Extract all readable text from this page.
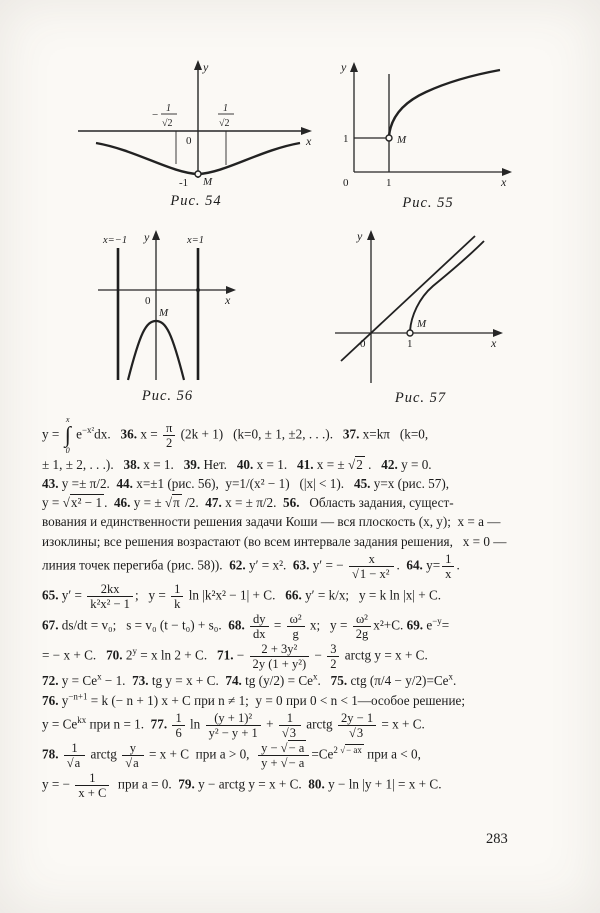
y
x
0
−
1
√2
1
√2
-1 M
Рис. 54
y
x
0	1
1	M
Рис. 55
y
x
0
x=−1	x=1
M
Рис. 56
y
x
0	1
M
Рис. 57
y =
x
∫
0
$e^{-x^2}dx$.   36. $x = \frac{\pi}{2} (2k + 1) (k=0$, ± 1, ±2, . . .).   37. x=kπ   (k=0,
± 1, ± 2, . . .).   38. x = 1.   39. Нет.   40. x = 1.   41. x = ± √2 .   42. y = 0.
43. y =± π/2.  44. x=±1 (рис. 56),  y=1/(x² − 1)   (|x| < 1).   45. y=x (рис. 57),
y = √x² − 1 .  46. y = ± √π /2.  47. x = ± π/2.  56.   Область задания, сущест-
вования и единственности решения задачи Коши — вся плоскость (x, y);  x = a —
изоклины; все решения возрастают (во всем интервале задания решения,   x = 0 —
линия точек перегиба (рис. 58)).  62. y′ = x².  63. y′ = − $\frac{x}{\text{√1 − x²}}$ .  64. $y= \frac{1}{x}$ .
65. $y' = \frac{2kx}{\text{k²x² − 1}}$ ;   $y = \frac{1}{k}$ ln |k²x² − 1| + C.   66. y′ = k/x;   y = k ln |x| + C.
67. ds/dt = v₀;   s = v₀ (t − t₀) + s₀.  68. $\frac{dy}{dx} = \frac{\text{ω²}}{g} x$;   $y = \frac{\text{ω²}}{2g} x^2+C$. 69. $e^{-y}=$
= − x + C.   70. $2^y = x$ ln 2 + C.   71. − $\frac{\text{2 + 3y²}}{\text{2y (1 + y²)}} - \frac{3}{2}$ arctg y = x + C.
72. $y = Ce^x - 1$.  73. tg y = x + C.  74. tg $(y/2) = Ce^x$.   75. ctg $(\pi/4 - y/2)=Ce^x$.
76. $y^{-n+1} = k$ (− n + 1) x + C при n ≠ 1;  y = 0 при 0 < n < 1—особое решение;
$y = Ce^{kx}$ при n = 1.  77. $\frac{1}{6}$ $\ln \frac{\text{(y + 1)²}}{\text{y² − y + 1}} + \frac{1}{√3}$ arctg $\frac{2y - 1}{√3} = x + C$.
78. $\frac{1}{√a}$ arctg $\frac{y}{√a} = x + C$  при a > 0, $\frac{y - √- a}{y + √- a} =Ce^{2 √- ax}$ при a < 0,
y = − $\frac{1}{x + C}$ при a = 0.  79. y − arctg y = x + C.  80. y − ln |y + 1| = x + C.
283
